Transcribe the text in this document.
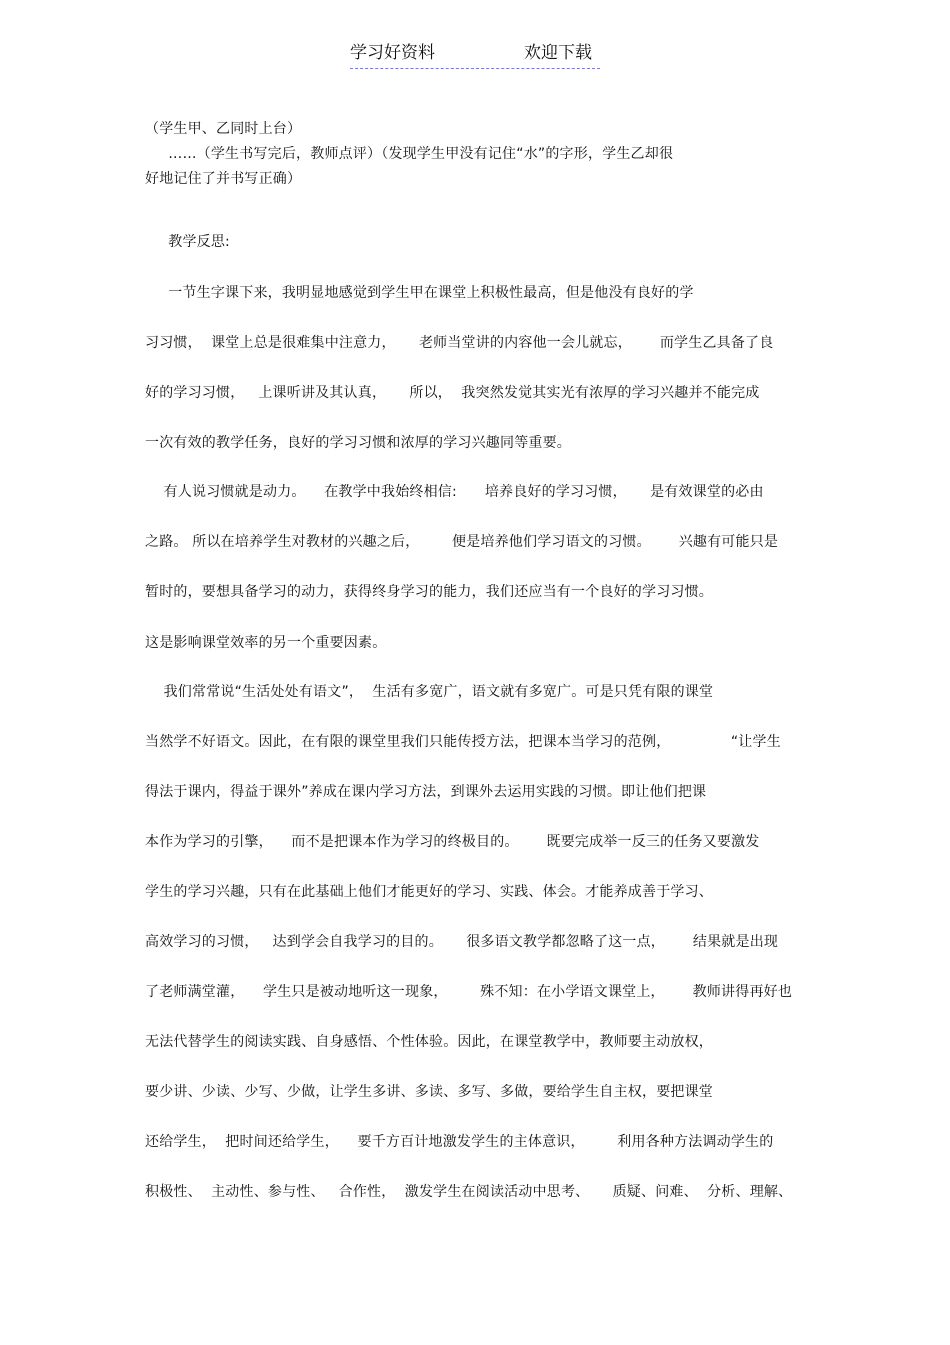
学习好资料	欢迎下载
（学生甲、乙同时上台）
……（学生书写完后，教师点评）（发现学生甲没有记住“水”的字形，学生乙却很
好地记住了并书写正确）
教学反思:
一节生字课下来，我明显地感觉到学生甲在课堂上积极性最高，但是他没有良好的学
习习惯，  课堂上总是很难集中注意力，     老师当堂讲的内容他一会儿就忘，      而学生乙具备了良
好的学习习惯，   上课听讲及其认真，     所以，  我突然发觉其实光有浓厚的学习兴趣并不能完成
一次有效的教学任务，良好的学习习惯和浓厚的学习兴趣同等重要。
有人说习惯就是动力。    在教学中我始终相信:      培养良好的学习习惯，     是有效课堂的必由
之路。 所以在培养学生对教材的兴趣之后，       便是培养他们学习语文的习惯。      兴趣有可能只是
暂时的，要想具备学习的动力，获得终身学习的能力，我们还应当有一个良好的学习习惯。
这是影响课堂效率的另一个重要因素。
我们常常说“生活处处有语文”，  生活有多宽广，语文就有多宽广。可是只凭有限的课堂
当然学不好语文。因此，在有限的课堂里我们只能传授方法，把课本当学习的范例，             “让学生
得法于课内，得益于课外”养成在课内学习方法，到课外去运用实践的习惯。即让他们把课
本作为学习的引擎，    而不是把课本作为学习的终极目的。      既要完成举一反三的任务又要激发
学生的学习兴趣，只有在此基础上他们才能更好的学习、实践、体会。才能养成善于学习、
高效学习的习惯，   达到学会自我学习的目的。     很多语文教学都忽略了这一点，      结果就是出现
了老师满堂灌，    学生只是被动地听这一现象，       殊不知：在小学语文课堂上，      教师讲得再好也
无法代替学生的阅读实践、自身感悟、个性体验。因此，在课堂教学中，教师要主动放权，
要少讲、少读、少写、少做，让学生多讲、多读、多写、多做，要给学生自主权，要把课堂
还给学生，  把时间还给学生，    要千方百计地激发学生的主体意识，       利用各种方法调动学生的
积极性、  主动性、参与性、   合作性，  激发学生在阅读活动中思考、     质疑、问难、  分析、理解、
